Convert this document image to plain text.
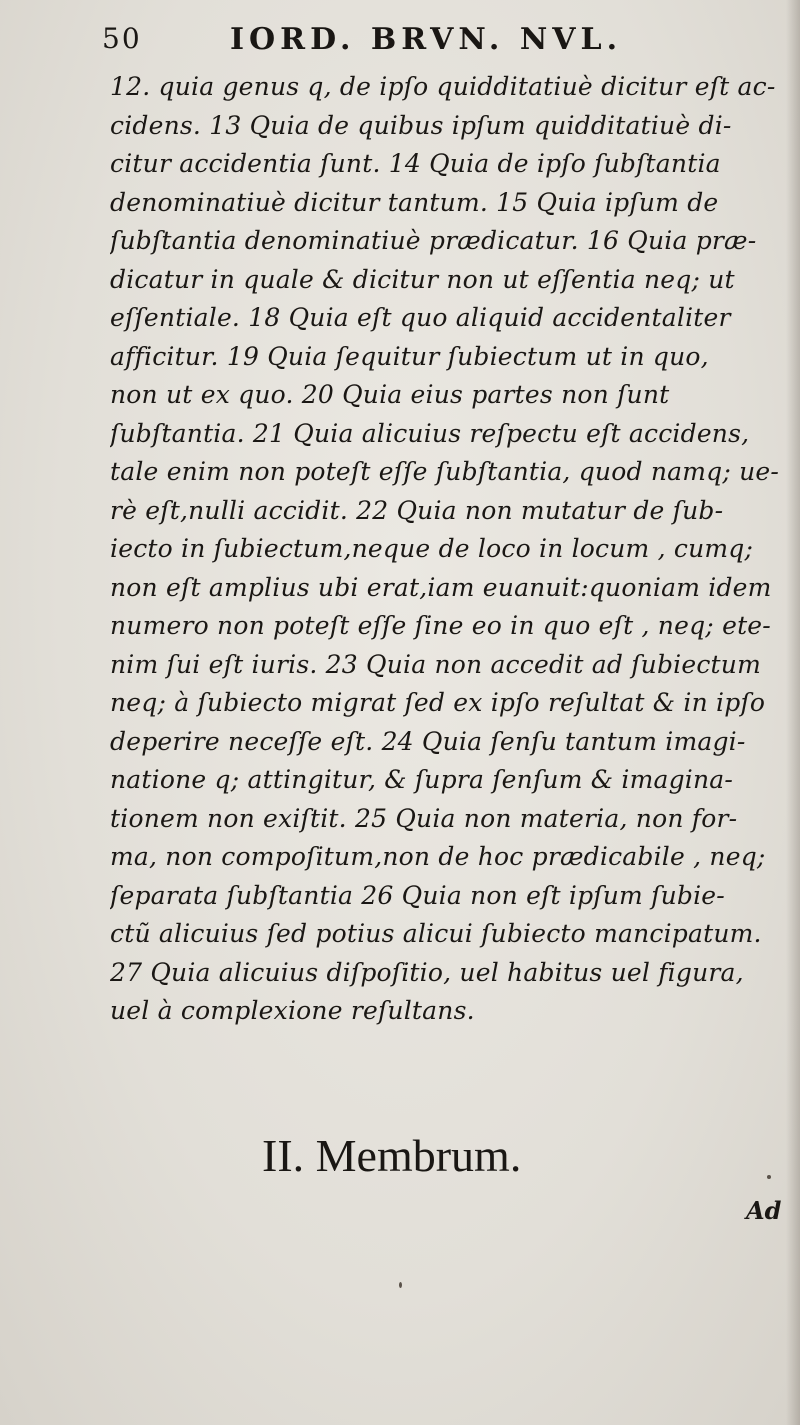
50	IORD. BRVN. NVL.
12. quia genus q, de ipſo quidditatiuè dicitur eſt ac-
cidens. 13 Quia de quibus ipſum quidditatiuè di-
citur accidentia ſunt. 14 Quia de ipſo ſubſtantia
denominatiuè dicitur tantum. 15 Quia ipſum de
ſubſtantia denominatiuè prædicatur. 16 Quia præ-
dicatur in quale & dicitur non ut eſſentia neq; ut
eſſentiale. 18 Quia eſt quo aliquid accidentaliter
afficitur. 19 Quia ſequitur ſubiectum ut in quo,
non ut ex quo. 20 Quia eius partes non ſunt
ſubſtantia. 21 Quia alicuius reſpectu eſt accidens,
tale enim non poteſt eſſe ſubſtantia, quod namq; ue-
rè eſt,nulli accidit. 22 Quia non mutatur de ſub-
iecto in ſubiectum,neque de loco in locum , cumq;
non eſt amplius ubi erat,iam euanuit:quoniam idem
numero non poteſt eſſe ſine eo in quo eſt , neq; ete-
nim ſui eſt iuris. 23 Quia non accedit ad ſubiectum
neq; à ſubiecto migrat ſed ex ipſo reſultat & in ipſo
deperire neceſſe eſt. 24 Quia ſenſu tantum imagi-
natione q; attingitur, & ſupra ſenſum & imagina-
tionem non exiſtit. 25 Quia non materia, non for-
ma, non compoſitum,non de hoc prædicabile , neq;
ſeparata ſubſtantia 26 Quia non eſt ipſum ſubie-
ctũ alicuius ſed potius alicui ſubiecto mancipatum.
27 Quia alicuius diſpoſitio, uel habitus uel figura,
uel à complexione reſultans.
II. Membrum.
Ad
